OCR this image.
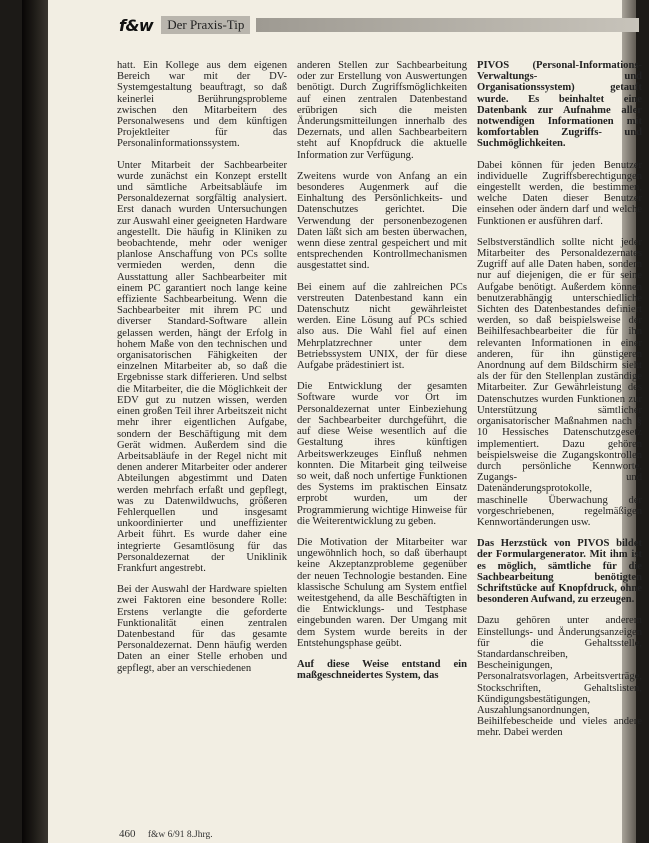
f&w	Der Praxis-Tip

hatt. Ein Kollege aus dem eigenen Bereich war mit der DV-Systemgestaltung beauftragt, so daß keinerlei Berührungsprobleme zwischen den Mitarbeitern des Personalwesens und dem künftigen Projektleiter für das Personalinformationssystem.

Unter Mitarbeit der Sachbearbeiter wurde zunächst ein Konzept erstellt und sämtliche Arbeitsabläufe im Personaldezernat sorgfältig analysiert. Erst danach wurden Untersuchungen zur Auswahl einer geeigneten Hardware angestellt. Die häufig in Kliniken zu beobachtende, mehr oder weniger planlose Anschaffung von PCs sollte vermieden werden, denn die Ausstattung aller Sachbearbeiter mit einem PC garantiert noch lange keine effiziente Sachbearbeitung. Wenn die Sachbearbeiter mit ihrem PC und diverser Standard-Software allein gelassen werden, hängt der Erfolg in hohem Maße von den technischen und organisatorischen Fähigkeiten der einzelnen Mitarbeiter ab, so daß die Ergebnisse stark differieren. Und selbst die Mitarbeiter, die die Möglichkeit der EDV gut zu nutzen wissen, werden einen großen Teil ihrer Arbeitszeit nicht mehr ihrer eigentlichen Aufgabe, sondern der Beschäftigung mit dem Gerät widmen. Außerdem sind die Arbeitsabläufe in der Regel nicht mit denen anderer Mitarbeiter oder anderer Abteilungen abgestimmt und Daten werden mehrfach erfaßt und gepflegt, was zu Datenwildwuchs, größeren Fehlerquellen und insgesamt unkoordinierter und uneffizienter Arbeit führt. Es wurde daher eine integrierte Gesamtlösung für das Personaldezernat der Uniklinik Frankfurt angestrebt.

Bei der Auswahl der Hardware spielten zwei Faktoren eine besondere Rolle: Erstens verlangte die geforderte Funktionalität einen zentralen Datenbestand für das gesamte Personaldezernat. Denn häufig werden Daten an einer Stelle erhoben und gepflegt, aber an verschiedenen

anderen Stellen zur Sachbearbeitung oder zur Erstellung von Auswertungen benötigt. Durch Zugriffsmöglichkeiten auf einen zentralen Datenbestand erübrigen sich die meisten Änderungsmitteilungen innerhalb des Dezernats, und allen Sachbearbeitern steht auf Knopfdruck die aktuelle Information zur Verfügung.

Zweitens wurde von Anfang an ein besonderes Augenmerk auf die Einhaltung des Persönlichkeits- und Datenschutzes gerichtet. Die Verwendung der personenbezogenen Daten läßt sich am besten überwachen, wenn diese zentral gespeichert und mit entsprechenden Kontrollmechanismen ausgestattet sind.

Bei einem auf die zahlreichen PCs verstreuten Datenbestand kann ein Datenschutz nicht gewährleistet werden. Eine Lösung auf PCs schied also aus. Die Wahl fiel auf einen Mehrplatzrechner unter dem Betriebssystem UNIX, der für diese Aufgabe prädestiniert ist.

Die Entwicklung der gesamten Software wurde vor Ort im Personaldezernat unter Einbeziehung der Sachbearbeiter durchgeführt, die auf diese Weise wesentlich auf die Gestaltung ihres künftigen Arbeitswerkzeuges Einfluß nehmen konnten. Die Mitarbeit ging teilweise so weit, daß noch unfertige Funktionen des Systems im praktischen Einsatz erprobt wurden, um der Programmierung wichtige Hinweise für die Weiterentwicklung zu geben.

Die Motivation der Mitarbeiter war ungewöhnlich hoch, so daß überhaupt keine Akzeptanzprobleme gegenüber der neuen Technologie bestanden. Eine klassische Schulung am System entfiel weitestgehend, da alle Beschäftigten in die Entwicklungs- und Testphase eingebunden waren. Der Umgang mit dem System wurde bereits in der Entstehungsphase geübt.

Auf diese Weise entstand ein maßgeschneidertes System, das

PIVOS (Personal-Informations-Verwaltungs- und Organisationssystem) getauft wurde. Es beinhaltet eine Datenbank zur Aufnahme aller notwendigen Informationen mit komfortablen Zugriffs- und Suchmöglichkeiten.

Dabei können für jeden Benutzer individuelle Zugriffsberechtigungen eingestellt werden, die bestimmen, welche Daten dieser Benutzer einsehen oder ändern darf und welche Funktionen er ausführen darf.

Selbstverständlich sollte nicht jeder Mitarbeiter des Personaldezernates Zugriff auf alle Daten haben, sondern nur auf diejenigen, die er für seine Aufgabe benötigt. Außerdem können benutzerabhängig unterschiedliche Sichten des Datenbestandes definiert werden, so daß beispielsweise der Beihilfesachbearbeiter die für ihn relevanten Informationen in einer anderen, für ihn günstigeren Anordnung auf dem Bildschirm sieht als der für den Stellenplan zuständige Mitarbeiter. Zur Gewährleistung des Datenschutzes wurden Funktionen zur Unterstützung sämtlicher organisatorischer Maßnahmen nach § 10 Hessisches Datenschutzgesetz implementiert. Dazu gehören beispielsweise die Zugangskontrollen durch persönliche Kennworte, Zugangs- und Datenänderungsprotokolle, maschinelle Überwachung der vorgeschriebenen, regelmäßigen Kennwortänderungen usw.

Das Herzstück von PIVOS bildet der Formulargenerator. Mit ihm ist es möglich, sämtliche für die Sachbearbeitung benötigten Schriftstücke auf Knopfdruck, ohne besonderen Aufwand, zu erzeugen.

Dazu gehören unter anderem Einstellungs- und Änderungsanzeigen für die Gehaltsstelle, Standardanschreiben, Bescheinigungen, Personalratsvorlagen, Arbeitsverträge, Stockschriften, Gehaltslisten, Kündigungsbestätigungen, Auszahlungsanordnungen, Beihilfebescheide und vieles andere mehr. Dabei werden

460 f&w 6/91 8.Jhrg.
